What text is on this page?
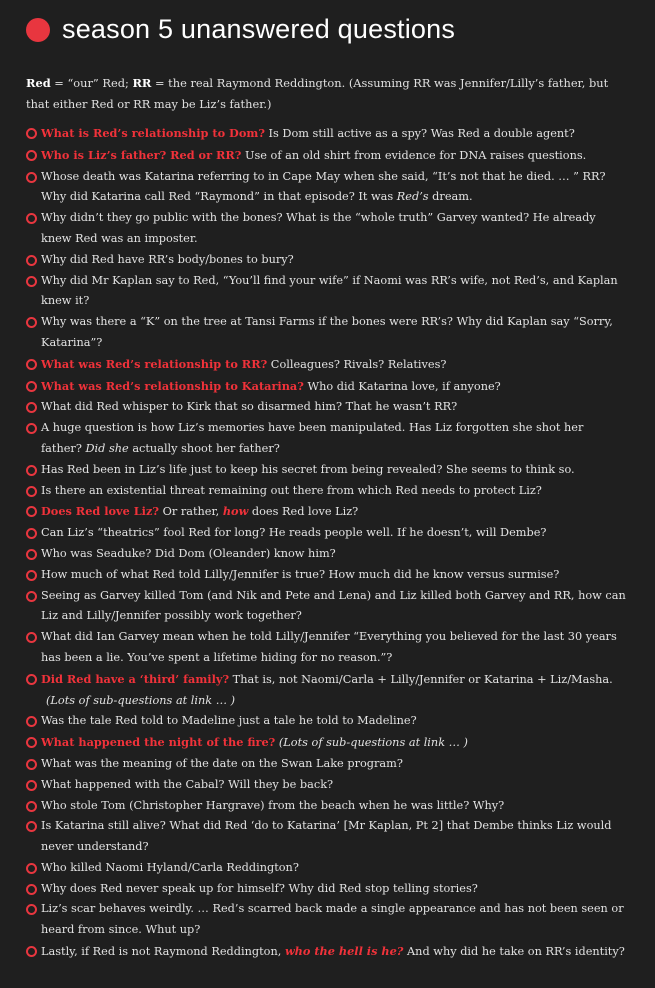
season 5 unanswered questions
Red = “our” Red; RR = the real Raymond Reddington. (Assuming RR was Jennifer/Lilly’s father, but that either Red or RR may be Liz’s father.)
What is Red’s relationship to Dom? Is Dom still active as a spy? Was Red a double agent?
Who is Liz’s father? Red or RR? Use of an old shirt from evidence for DNA raises questions.
Whose death was Katarina referring to in Cape May when she said, “It’s not that he died. … ” RR? Why did Katarina call Red “Raymond” in that episode? It was Red’s dream.
Why didn’t they go public with the bones? What is the “whole truth” Garvey wanted? He already knew Red was an imposter.
Why did Red have RR’s body/bones to bury?
Why did Mr Kaplan say to Red, “You’ll find your wife” if Naomi was RR’s wife, not Red’s, and Kaplan knew it?
Why was there a “K” on the tree at Tansi Farms if the bones were RR’s? Why did Kaplan say “Sorry, Katarina”?
What was Red’s relationship to RR? Colleagues? Rivals? Relatives?
What was Red’s relationship to Katarina? Who did Katarina love, if anyone?
What did Red whisper to Kirk that so disarmed him? That he wasn’t RR?
A huge question is how Liz’s memories have been manipulated. Has Liz forgotten she shot her father? Did she actually shoot her father?
Has Red been in Liz’s life just to keep his secret from being revealed? She seems to think so.
Is there an existential threat remaining out there from which Red needs to protect Liz?
Does Red love Liz? Or rather, how does Red love Liz?
Can Liz’s “theatrics” fool Red for long? He reads people well. If he doesn’t, will Dembe?
Who was Seaduke? Did Dom (Oleander) know him?
How much of what Red told Lilly/Jennifer is true? How much did he know versus surmise?
Seeing as Garvey killed Tom (and Nik and Pete and Lena) and Liz killed both Garvey and RR, how can Liz and Lilly/Jennifer possibly work together?
What did Ian Garvey mean when he told Lilly/Jennifer “Everything you believed for the last 30 years has been a lie. You’ve spent a lifetime hiding for no reason.”?
Did Red have a ‘third’ family? That is, not Naomi/Carla + Lilly/Jennifer or Katarina + Liz/Masha.
(Lots of sub-questions at link … )
Was the tale Red told to Madeline just a tale he told to Madeline?
What happened the night of the fire? (Lots of sub-questions at link … )
What was the meaning of the date on the Swan Lake program?
What happened with the Cabal? Will they be back?
Who stole Tom (Christopher Hargrave) from the beach when he was little? Why?
Is Katarina still alive? What did Red ‘do to Katarina’ [Mr Kaplan, Pt 2] that Dembe thinks Liz would never understand?
Who killed Naomi Hyland/Carla Reddington?
Why does Red never speak up for himself? Why did Red stop telling stories?
Liz’s scar behaves weirdly. … Red’s scarred back made a single appearance and has not been seen or heard from since. Whut up?
Lastly, if Red is not Raymond Reddington, who the hell is he? And why did he take on RR’s identity?
